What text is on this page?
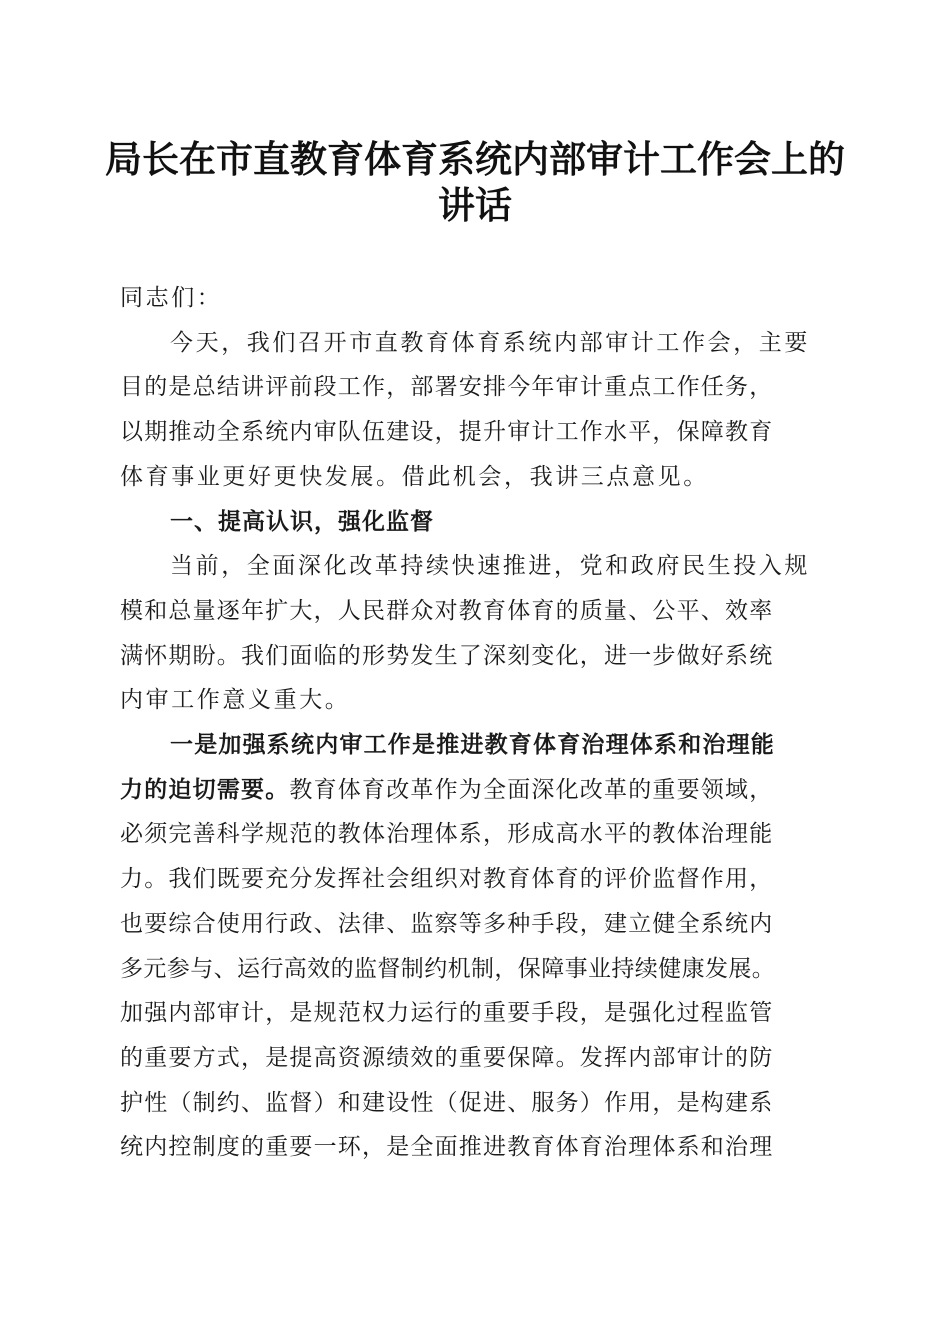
局长在市直教育体育系统内部审计工作会上的
讲话
同志们：
今天，我们召开市直教育体育系统内部审计工作会，主要
目的是总结讲评前段工作，部署安排今年审计重点工作任务，
以期推动全系统内审队伍建设，提升审计工作水平，保障教育
体育事业更好更快发展。借此机会，我讲三点意见。
一、提高认识，强化监督
当前，全面深化改革持续快速推进，党和政府民生投入规
模和总量逐年扩大，人民群众对教育体育的质量、公平、效率
满怀期盼。我们面临的形势发生了深刻变化，进一步做好系统
内审工作意义重大。
一是加强系统内审工作是推进教育体育治理体系和治理能
力的迫切需要。教育体育改革作为全面深化改革的重要领域，
必须完善科学规范的教体治理体系，形成高水平的教体治理能
力。我们既要充分发挥社会组织对教育体育的评价监督作用，
也要综合使用行政、法律、监察等多种手段，建立健全系统内
多元参与、运行高效的监督制约机制，保障事业持续健康发展。
加强内部审计，是规范权力运行的重要手段，是强化过程监管
的重要方式，是提高资源绩效的重要保障。发挥内部审计的防
护性（制约、监督）和建设性（促进、服务）作用，是构建系
统内控制度的重要一环，是全面推进教育体育治理体系和治理
